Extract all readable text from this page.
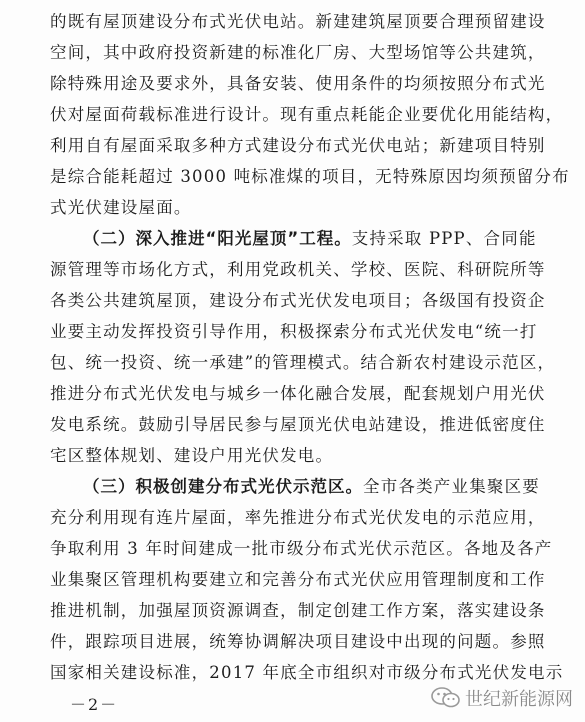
的既有屋顶建设分布式光伏电站。新建建筑屋顶要合理预留建设
空间，其中政府投资新建的标准化厂房、大型场馆等公共建筑，
除特殊用途及要求外，具备安装、使用条件的均须按照分布式光
伏对屋面荷载标准进行设计。现有重点耗能企业要优化用能结构，
利用自有屋面采取多种方式建设分布式光伏电站；新建项目特别
是综合能耗超过 3000 吨标准煤的项目，无特殊原因均须预留分布
式光伏建设屋面。
（二）深入推进“阳光屋顶”工程。支持采取 PPP、合同能
源管理等市场化方式，利用党政机关、学校、医院、科研院所等
各类公共建筑屋顶，建设分布式光伏发电项目；各级国有投资企
业要主动发挥投资引导作用，积极探索分布式光伏发电“统一打
包、统一投资、统一承建”的管理模式。结合新农村建设示范区，
推进分布式光伏发电与城乡一体化融合发展，配套规划户用光伏
发电系统。鼓励引导居民参与屋顶光伏电站建设，推进低密度住
宅区整体规划、建设户用光伏发电。
（三）积极创建分布式光伏示范区。全市各类产业集聚区要
充分利用现有连片屋面，率先推进分布式光伏发电的示范应用，
争取利用 3 年时间建成一批市级分布式光伏示范区。各地及各产
业集聚区管理机构要建立和完善分布式光伏应用管理制度和工作
推进机制，加强屋顶资源调查，制定创建工作方案，落实建设条
件，跟踪项目进展，统筹协调解决项目建设中出现的问题。参照
国家相关建设标准，2017 年底全市组织对市级分布式光伏发电示
－2－	世纪新能源网
